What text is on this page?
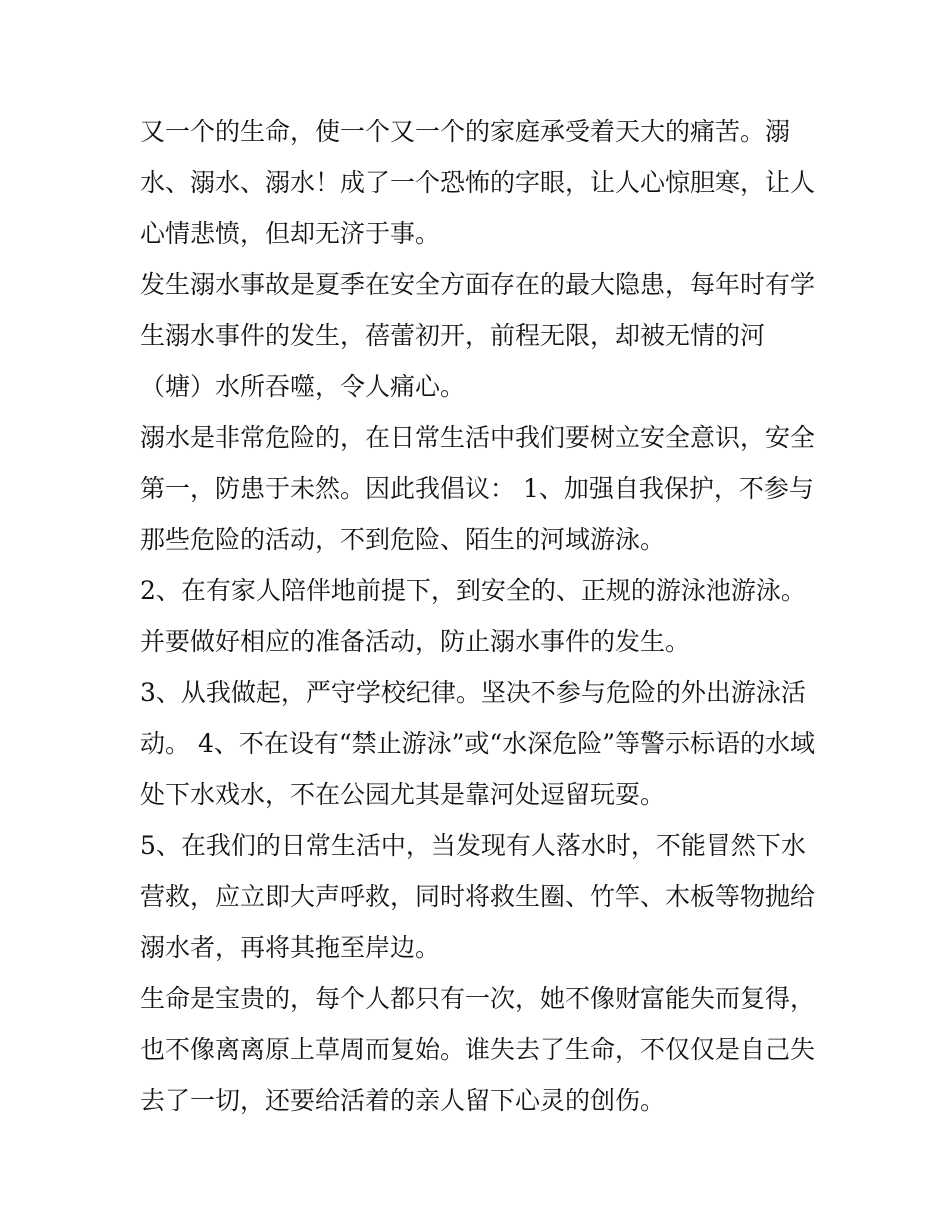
又一个的生命，使一个又一个的家庭承受着天大的痛苦。溺
水、溺水、溺水！成了一个恐怖的字眼，让人心惊胆寒，让人
心情悲愤，但却无济于事。
发生溺水事故是夏季在安全方面存在的最大隐患，每年时有学
生溺水事件的发生，蓓蕾初开，前程无限，却被无情的河
（塘）水所吞噬，令人痛心。
溺水是非常危险的，在日常生活中我们要树立安全意识，安全
第一，防患于未然。因此我倡议： 1、加强自我保护，不参与
那些危险的活动，不到危险、陌生的河域游泳。
2、在有家人陪伴地前提下，到安全的、正规的游泳池游泳。
并要做好相应的准备活动，防止溺水事件的发生。
3、从我做起，严守学校纪律。坚决不参与危险的外出游泳活
动。 4、不在设有“禁止游泳”或“水深危险”等警示标语的水域
处下水戏水，不在公园尤其是靠河处逗留玩耍。
5、在我们的日常生活中，当发现有人落水时，不能冒然下水
营救，应立即大声呼救，同时将救生圈、竹竿、木板等物抛给
溺水者，再将其拖至岸边。
生命是宝贵的，每个人都只有一次，她不像财富能失而复得，
也不像离离原上草周而复始。谁失去了生命，不仅仅是自己失
去了一切，还要给活着的亲人留下心灵的创伤。
